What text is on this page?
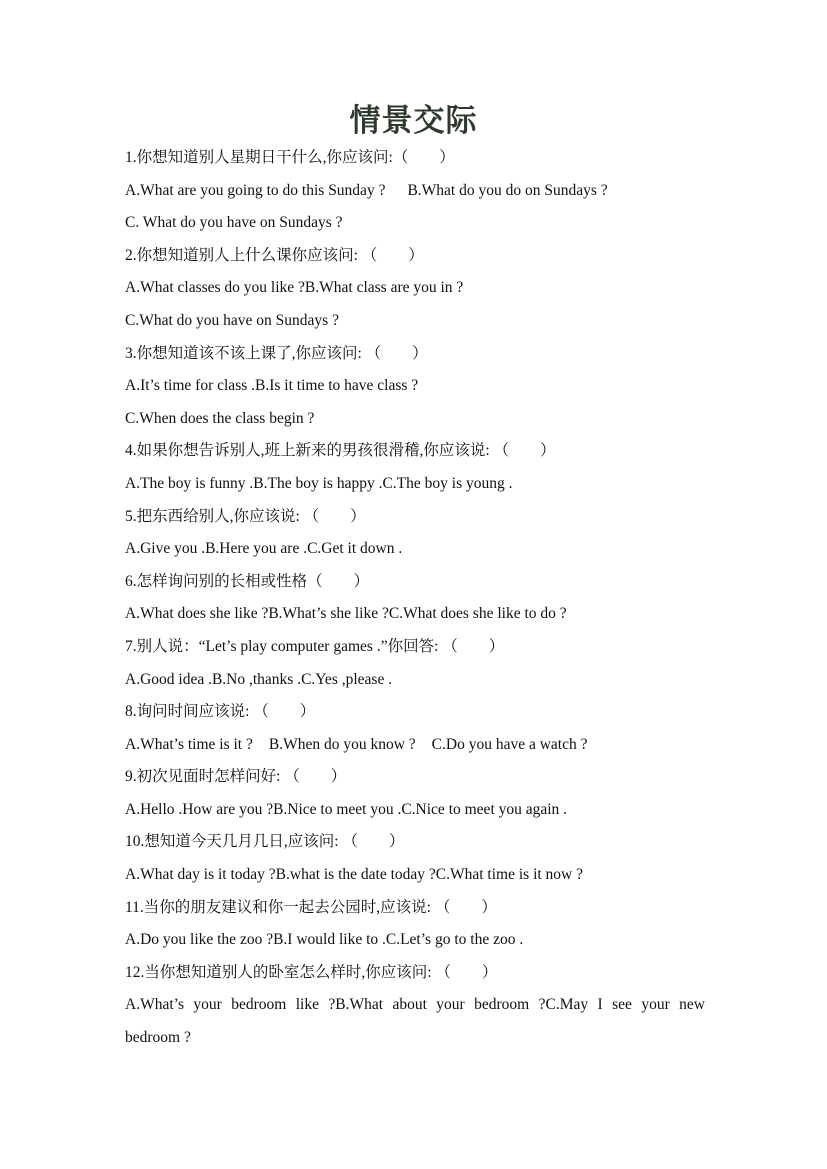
情景交际
1.你想知道别人星期日干什么,你应该问:（　　）
A.What are you going to do this Sunday ? B.What do you do on Sundays ?
C. What do you have on Sundays ?
2.你想知道别人上什么课你应该问: （　　）
A.What classes do you like ?B.What class are you in ?
C.What do you have on Sundays ?
3.你想知道该不该上课了,你应该问: （　　）
A.It’s time for class .B.Is it time to have class ?
C.When does the class begin ?
4.如果你想告诉别人,班上新来的男孩很滑稽,你应该说: （　　）
A.The boy is funny .B.The boy is happy .C.The boy is young .
5.把东西给别人,你应该说: （　　）
A.Give you .B.Here you are .C.Get it down .
6.怎样询问别的长相或性格（　　）
A.What does she like ?B.What’s she like ?C.What does she like to do ?
7.别人说：“Let’s play computer games .”你回答: （　　）
A.Good idea .B.No ,thanks .C.Yes ,please .
8.询问时间应该说: （　　）
A.What’s time is it ? B.When do you know ? C.Do you have a watch ?
9.初次见面时怎样问好: （　　）
A.Hello .How are you ?B.Nice to meet you .C.Nice to meet you again .
10.想知道今天几月几日,应该问: （　　）
A.What day is it today ?B.what is the date today ?C.What time is it now ?
11.当你的朋友建议和你一起去公园时,应该说: （　　）
A.Do you like the zoo ?B.I would like to .C.Let’s go to the zoo .
12.当你想知道别人的卧室怎么样时,你应该问: （　　）
A.What’s your bedroom like ?B.What about your bedroom ?C.May I see your new
bedroom ?
